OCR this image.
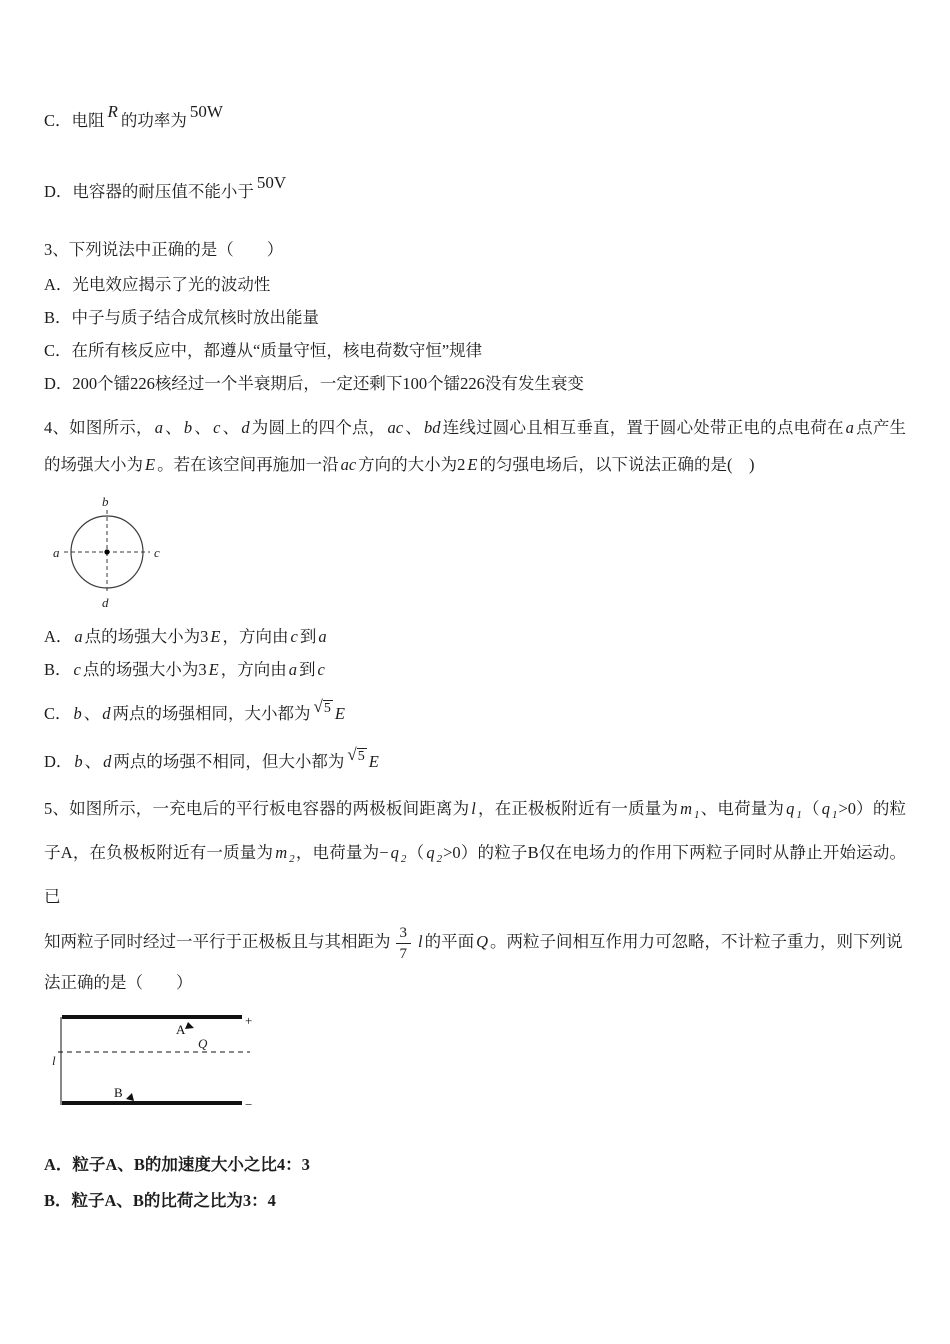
C．电阻 R 的功率为 50W

D．电容器的耐压值不能小于 50V

3、下列说法中正确的是（　　）

A．光电效应揭示了光的波动性

B．中子与质子结合成氘核时放出能量

C．在所有核反应中，都遵从“质量守恒，核电荷数守恒”规律

D．200个镭226核经过一个半衰期后，一定还剩下100个镭226没有发生衰变

4、如图所示， a 、 b 、 c 、 d 为圆上的四个点， ac 、 bd 连线过圆心且相互垂直，置于圆心处带正电的点电荷在 a 点产生的场强大小为 E 。若在该空间再施加一沿 ac 方向的大小为2 E 的匀强电场后，以下说法正确的是(　)

a
b
c
d

A． a 点的场强大小为3 E ，方向由 c 到 a

B． c 点的场强大小为3 E ，方向由 a 到 c

C． b 、 d 两点的场强相同，大小都为 √5 E

D． b 、 d 两点的场强不相同，但大小都为 √5 E

5、如图所示，一充电后的平行板电容器的两极板间距离为 l ，在正极板附近有一质量为 m $_1$、电荷量为 q $_1$（ q $_1$>0）的粒子A，在负极板附近有一质量为 m $_2$，电荷量为− q $_2$（ q $_2$>0）的粒子B仅在电场力的作用下两粒子同时从静止开始运动。已

知两粒子同时经过一平行于正极板且与其相距为 $\frac{3}{7}$ l 的平面 Q 。两粒子间相互作用力可忽略，不计粒子重力，则下列说

法正确的是（　　）

A
B
Q
+
−
l

A．粒子A、B的加速度大小之比4：3

B．粒子A、B的比荷之比为3：4
